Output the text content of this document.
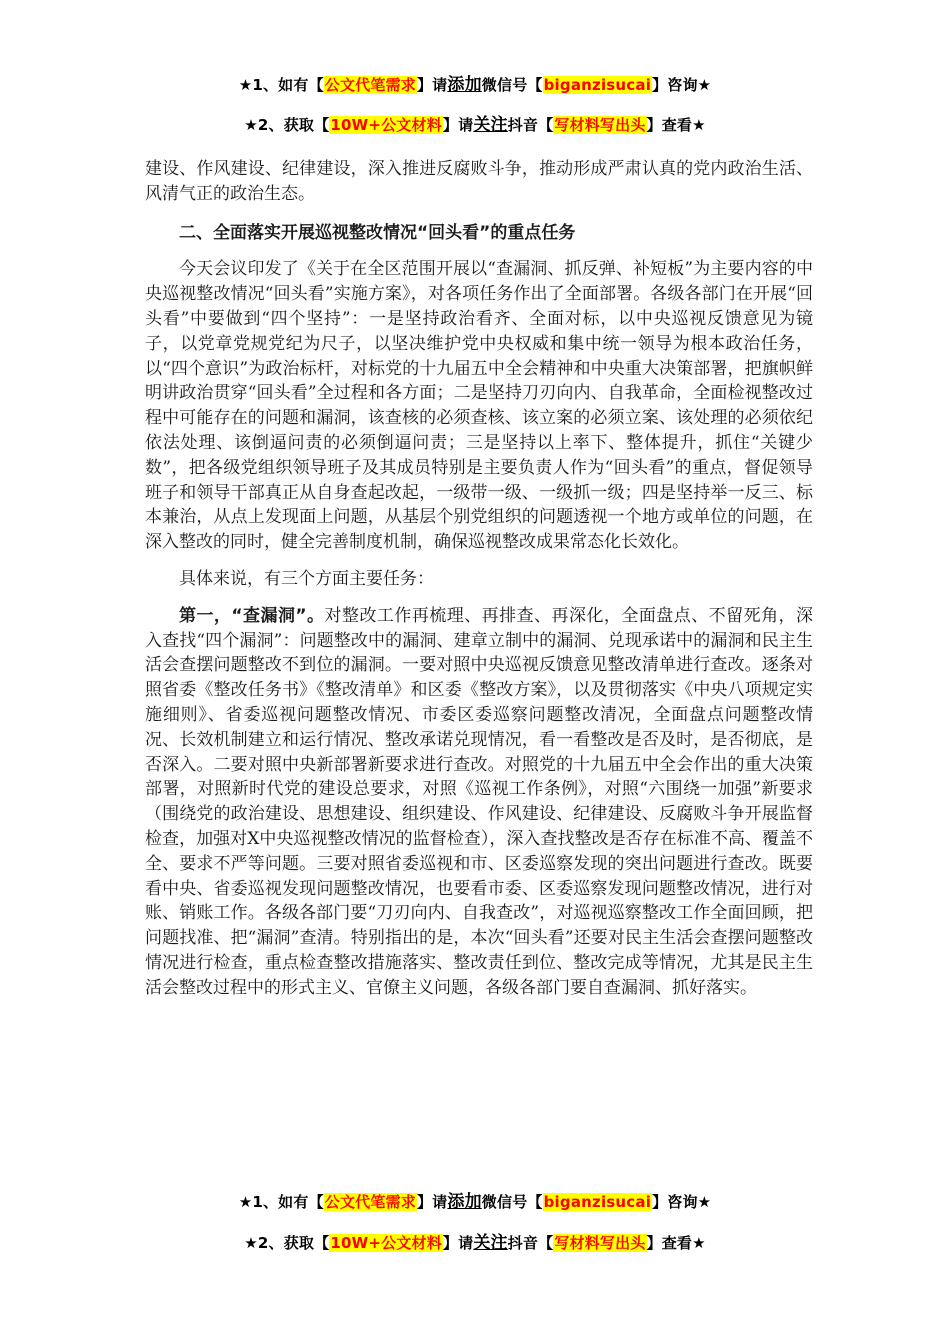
★1、如有【公文代笔需求】请添加微信号【biganzisucai】咨询★
★2、获取【10W+公文材料】请关注抖音【写材料写出头】查看★

建设、作风建设、纪律建设，深入推进反腐败斗争，推动形成严肃认真的党内政治生活、风清气正的政治生态。

二、全面落实开展巡视整改情况“回头看”的重点任务

今天会议印发了《关于在全区范围开展以“查漏洞、抓反弹、补短板”为主要内容的中央巡视整改情况“回头看”实施方案》，对各项任务作出了全面部署。各级各部门在开展“回头看”中要做到“四个坚持”：一是坚持政治看齐、全面对标，以中央巡视反馈意见为镜子，以党章党规党纪为尺子，以坚决维护党中央权威和集中统一领导为根本政治任务，以“四个意识”为政治标杆，对标党的十九届五中全会精神和中央重大决策部署，把旗帜鲜明讲政治贯穿“回头看”全过程和各方面；二是坚持刀刃向内、自我革命，全面检视整改过程中可能存在的问题和漏洞，该查核的必须查核、该立案的必须立案、该处理的必须依纪依法处理、该倒逼问责的必须倒逼问责；三是坚持以上率下、整体提升，抓住“关键少数”，把各级党组织领导班子及其成员特别是主要负责人作为“回头看”的重点，督促领导班子和领导干部真正从自身查起改起，一级带一级、一级抓一级；四是坚持举一反三、标本兼治，从点上发现面上问题，从基层个别党组织的问题透视一个地方或单位的问题，在深入整改的同时，健全完善制度机制，确保巡视整改成果常态化长效化。

具体来说，有三个方面主要任务：

第一，“查漏洞”。对整改工作再梳理、再排查、再深化，全面盘点、不留死角，深入查找“四个漏洞”：问题整改中的漏洞、建章立制中的漏洞、兑现承诺中的漏洞和民主生活会查摆问题整改不到位的漏洞。一要对照中央巡视反馈意见整改清单进行查改。逐条对照省委《整改任务书》《整改清单》和区委《整改方案》，以及贯彻落实《中央八项规定实施细则》、省委巡视问题整改情况、市委区委巡察问题整改清况，全面盘点问题整改情况、长效机制建立和运行情况、整改承诺兑现情况，看一看整改是否及时，是否彻底，是否深入。二要对照中央新部署新要求进行查改。对照党的十九届五中全会作出的重大决策部署，对照新时代党的建设总要求，对照《巡视工作条例》，对照“六围绕一加强”新要求（围绕党的政治建设、思想建设、组织建设、作风建设、纪律建设、反腐败斗争开展监督检查，加强对X中央巡视整改情况的监督检查），深入查找整改是否存在标准不高、覆盖不全、要求不严等问题。三要对照省委巡视和市、区委巡察发现的突出问题进行查改。既要看中央、省委巡视发现问题整改情况，也要看市委、区委巡察发现问题整改情况，进行对账、销账工作。各级各部门要“刀刃向内、自我查改”，对巡视巡察整改工作全面回顾，把问题找准、把“漏洞”查清。特别指出的是，本次“回头看”还要对民主生活会查摆问题整改情况进行检查，重点检查整改措施落实、整改责任到位、整改完成等情况，尤其是民主生活会整改过程中的形式主义、官僚主义问题，各级各部门要自查漏洞、抓好落实。

★1、如有【公文代笔需求】请添加微信号【biganzisucai】咨询★
★2、获取【10W+公文材料】请关注抖音【写材料写出头】查看★
